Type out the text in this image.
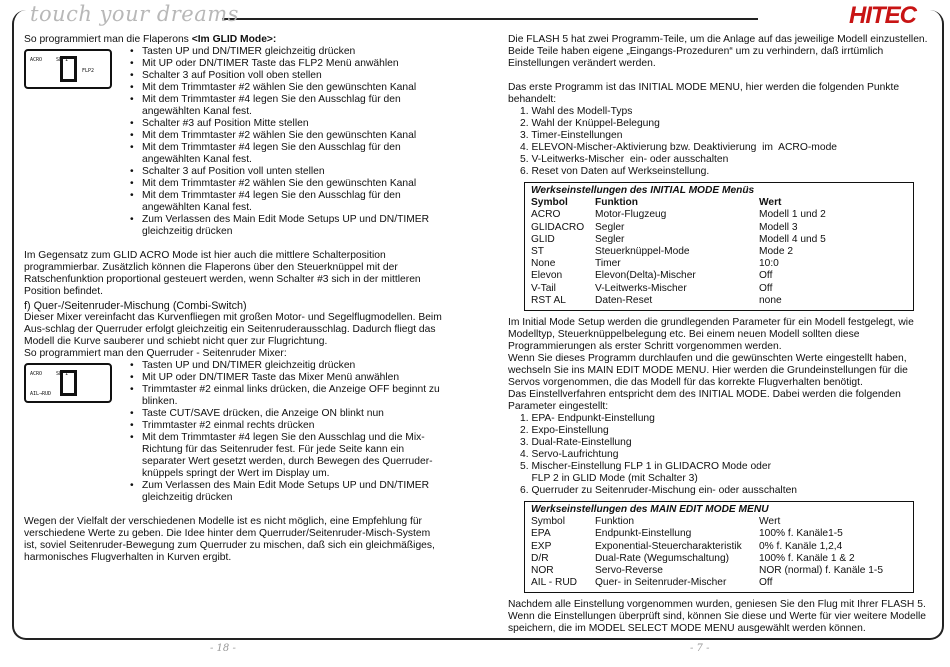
touch your dreams	HITEC

So programmiert man die Flaperons <Im GLID Mode>:

ACRO	SW 1
FLP2
• Tasten UP und DN/TIMER gleichzeitig drücken
• Mit UP oder DN/TIMER Taste das FLP2 Menü anwählen
• Schalter 3 auf Position voll oben stellen
• Mit dem Trimmtaster #2 wählen Sie den gewünschten Kanal
• Mit dem Trimmtaster #4 legen Sie den Ausschlag für den angewählten Kanal fest.
• Schalter #3 auf Position Mitte stellen
• Mit dem Trimmtaster #2 wählen Sie den gewünschten Kanal
• Mit dem Trimmtaster #4 legen Sie den Ausschlag für den angewählten Kanal fest.
• Schalter 3 auf Position voll unten stellen
• Mit dem Trimmtaster #2 wählen Sie den gewünschten Kanal
• Mit dem Trimmtaster #4 legen Sie den Ausschlag für den angewählten Kanal fest.
• Zum Verlassen des Main Edit Mode Setups UP und DN/TIMER gleichzeitig drücken

Im Gegensatz zum GLID ACRO Mode ist hier auch die mittlere Schalterposition programmierbar. Zusätzlich können die Flaperons über den Steuerknüppel mit der Ratschenfunktion proportional gesteuert werden, wenn Schalter #3 sich in der mittleren Position befindet.

f) Quer-/Seitenruder-Mischung (Combi-Switch)

Dieser Mixer vereinfacht das Kurvenfliegen mit großen Motor- und Segelflugmodellen. Beim Aus-schlag der Querruder erfolgt gleichzeitig ein Seitenruderausschlag. Dadurch fliegt das Modell die Kurve sauberer und schiebt nicht quer zur Flugrichtung.

So programmiert man den Querruder - Seitenruder Mixer:

ACRO	SW 1
AIL→RUD
• Tasten UP und DN/TIMER gleichzeitig drücken
• Mit UP oder DN/TIMER Taste das Mixer Menü anwählen
• Trimmtaster #2 einmal links drücken, die Anzeige OFF beginnt zu blinken.
• Taste CUT/SAVE drücken, die Anzeige ON blinkt nun
• Trimmtaster #2 einmal rechts drücken
• Mit dem Trimmtaster #4 legen Sie den Ausschlag und die Mix-Richtung für das Seitenruder fest. Für jede Seite kann ein separater Wert gesetzt werden, durch Bewegen des Querruder-knüppels springt der Wert im Display um.
• Zum Verlassen des Main Edit Mode Setups UP und DN/TIMER gleichzeitig drücken

Wegen der Vielfalt der verschiedenen Modelle ist es nicht möglich, eine Empfehlung für verschiedene Werte zu geben. Die Idee hinter dem Querruder/Seitenruder-Misch-System ist, soviel Seitenruder-Bewegung zum Querruder zu mischen, daß sich ein gleichmäßiges, harmonisches Flugverhalten in Kurven ergibt.

Die FLASH 5 hat zwei Programm-Teile, um die Anlage auf das jeweilige Modell einzustellen. Beide Teile haben eigene „Eingangs-Prozeduren“ um zu verhindern, daß irrtümlich Einstellungen verändert werden.

Das erste Programm ist das INITIAL MODE MENU, hier werden die folgenden Punkte behandelt:

1. Wahl des Modell-Typs
2. Wahl der Knüppel-Belegung
3. Timer-Einstellungen
4. ELEVON-Mischer-Aktivierung bzw. Deaktivierung  im  ACRO-mode
5. V-Leitwerks-Mischer  ein- oder ausschalten
6. Reset von Daten auf Werkseinstellung.
Werkseinstellungen des INITIAL MODE Menüs
Symbol	Funktion	Wert
ACRO	Motor-Flugzeug	Modell 1 und 2
GLIDACRO	Segler	Modell 3
GLID	Segler	Modell 4 und 5
ST	Steuerknüppel-Mode	Mode 2
None	Timer	10:0
Elevon	Elevon(Delta)-Mischer	Off
V-Tail	V-Leitwerks-Mischer	Off
RST AL	Daten-Reset	none

Im Initial Mode Setup werden die grundlegenden Parameter für ein Modell festgelegt, wie Modelltyp, Steuerknüppelbelegung etc. Bei einem neuen Modell sollten diese Programmierungen als erster Schritt vorgenommen werden.

Wenn Sie dieses Programm durchlaufen und die gewünschten Werte eingestellt haben, wechseln Sie ins MAIN EDIT MODE MENU. Hier werden die Grundeinstellungen für die Servos vorgenommen, die das Modell für das korrekte Flugverhalten benötigt.

Das Einstellverfahren entspricht dem des INITIAL MODE. Dabei werden die folgenden Parameter eingestellt:

1. EPA- Endpunkt-Einstellung
2. Expo-Einstellung
3. Dual-Rate-Einstellung
4. Servo-Laufrichtung
5. Mischer-Einstellung FLP 1 in GLIDACRO Mode oder
FLP 2 in GLID Mode (mit Schalter 3)
6. Querruder zu Seitenruder-Mischung ein- oder ausschalten
Werkseinstellungen des MAIN EDIT MODE MENU
Symbol	Funktion	Wert
EPA	Endpunkt-Einstellung	100% f. Kanäle1-5
EXP	Exponential-Steuercharakteristik	0% f. Kanäle 1,2,4
D/R	Dual-Rate (Wegumschaltung)	100% f. Kanäle 1 & 2
NOR	Servo-Reverse	NOR (normal) f. Kanäle 1-5
AIL - RUD	Quer- in Seitenruder-Mischer	Off

Nachdem alle Einstellung vorgenommen wurden, geniesen Sie den Flug mit Ihrer FLASH 5. Wenn die Einstellungen überprüft sind, können Sie diese und Werte für vier weitere Modelle speichern, die im MODEL SELECT MODE MENU ausgewählt werden können.

- 18 -	- 7 -
